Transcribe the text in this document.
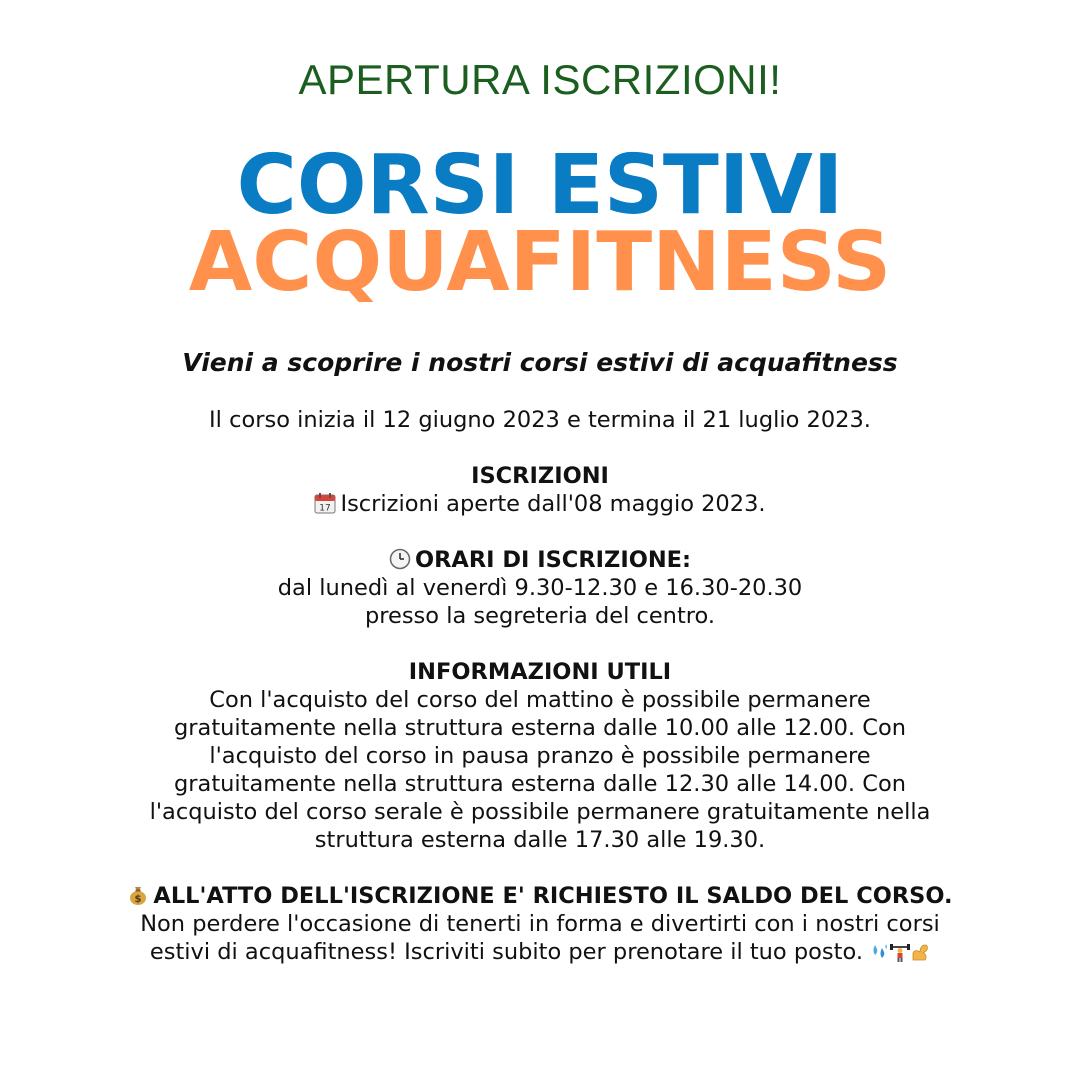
APERTURA ISCRIZIONI!
CORSI ESTIVI
ACQUAFITNESS
Vieni a scoprire i nostri corsi estivi di acquafitness

Il corso inizia il 12 giugno 2023 e termina il 21 luglio 2023.

ISCRIZIONI

17 Iscrizioni aperte dall'08 maggio 2023.

ORARI DI ISCRIZIONE:

dal lunedì al venerdì 9.30-12.30 e 16.30-20.30

presso la segreteria del centro.

INFORMAZIONI UTILI

Con l'acquisto del corso del mattino è possibile permanere

gratuitamente nella struttura esterna dalle 10.00 alle 12.00. Con

l'acquisto del corso in pausa pranzo è possibile permanere

gratuitamente nella struttura esterna dalle 12.30 alle 14.00. Con

l'acquisto del corso serale è possibile permanere gratuitamente nella

struttura esterna dalle 17.30 alle 19.30.

$ ALL'ATTO DELL'ISCRIZIONE E' RICHIESTO IL SALDO DEL CORSO.

Non perdere l'occasione di tenerti in forma e divertirti con i nostri corsi

estivi di acquafitness! Iscriviti subito per prenotare il tuo posto.
